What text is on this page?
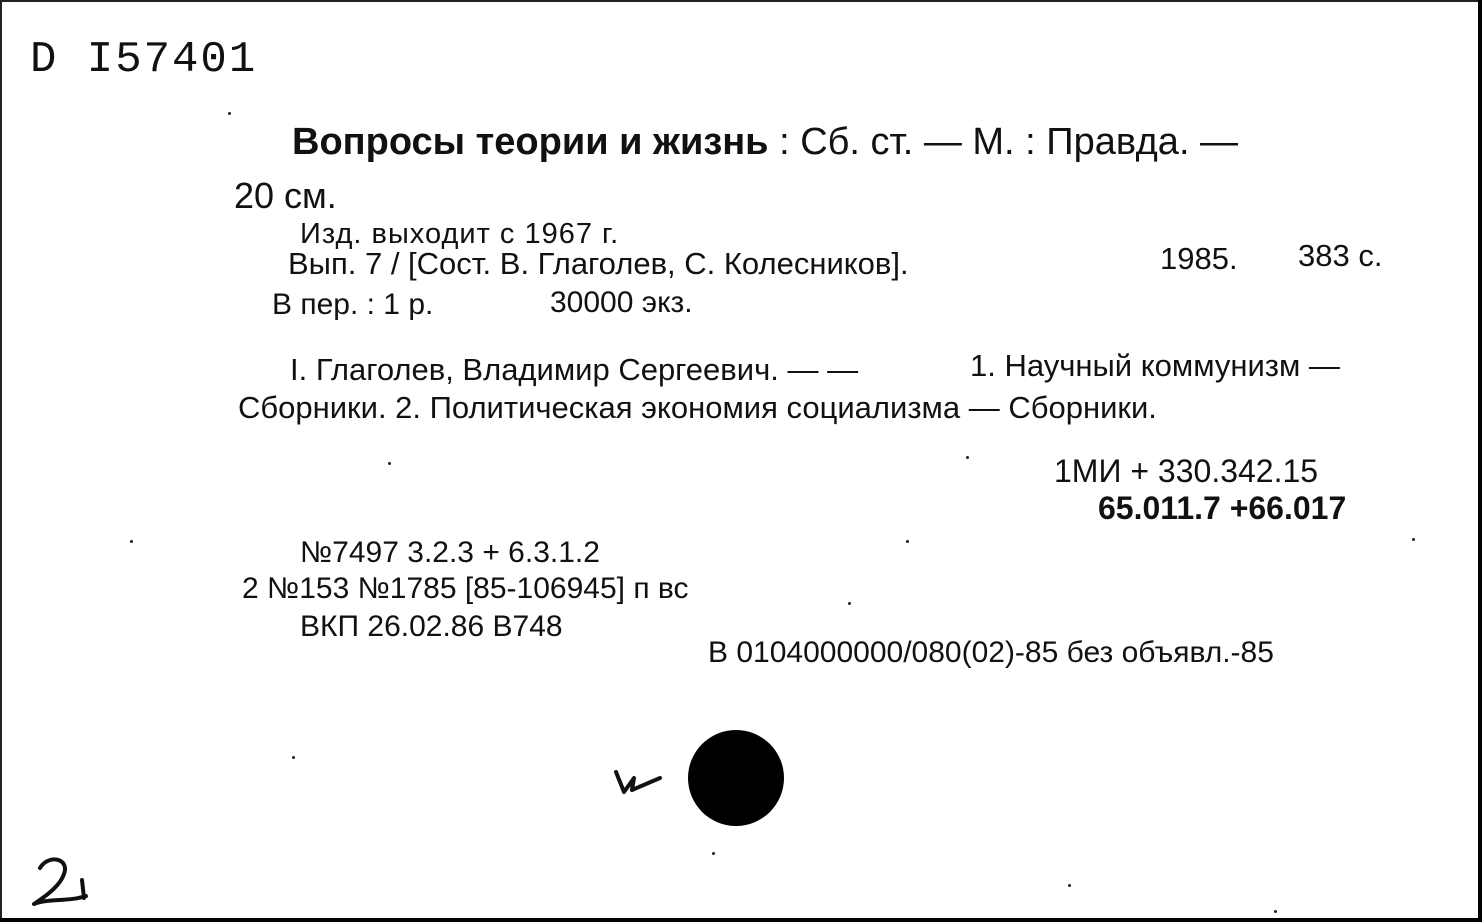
D I57401
Вопросы теории и жизнь : Сб. ст. — М. : Правда. —
20 см.
Изд. выходит с 1967 г.
Вып. 7 / [Сост. В. Глаголев, С. Колесников].	1985. 383 с.
В пер. : 1 р.	30000 экз.
I. Глаголев, Владимир Сергеевич. — —	1. Научный коммунизм —
Сборники. 2. Политическая экономия социализма — Сборники.
1МИ + 330.342.15
65.011.7 +66.017
№7497 3.2.3 + 6.3.1.2
2 №153 №1785 [85-106945] п вс
ВКП 26.02.86 В748
В 0104000000/080(02)-85 без объявл.-85
